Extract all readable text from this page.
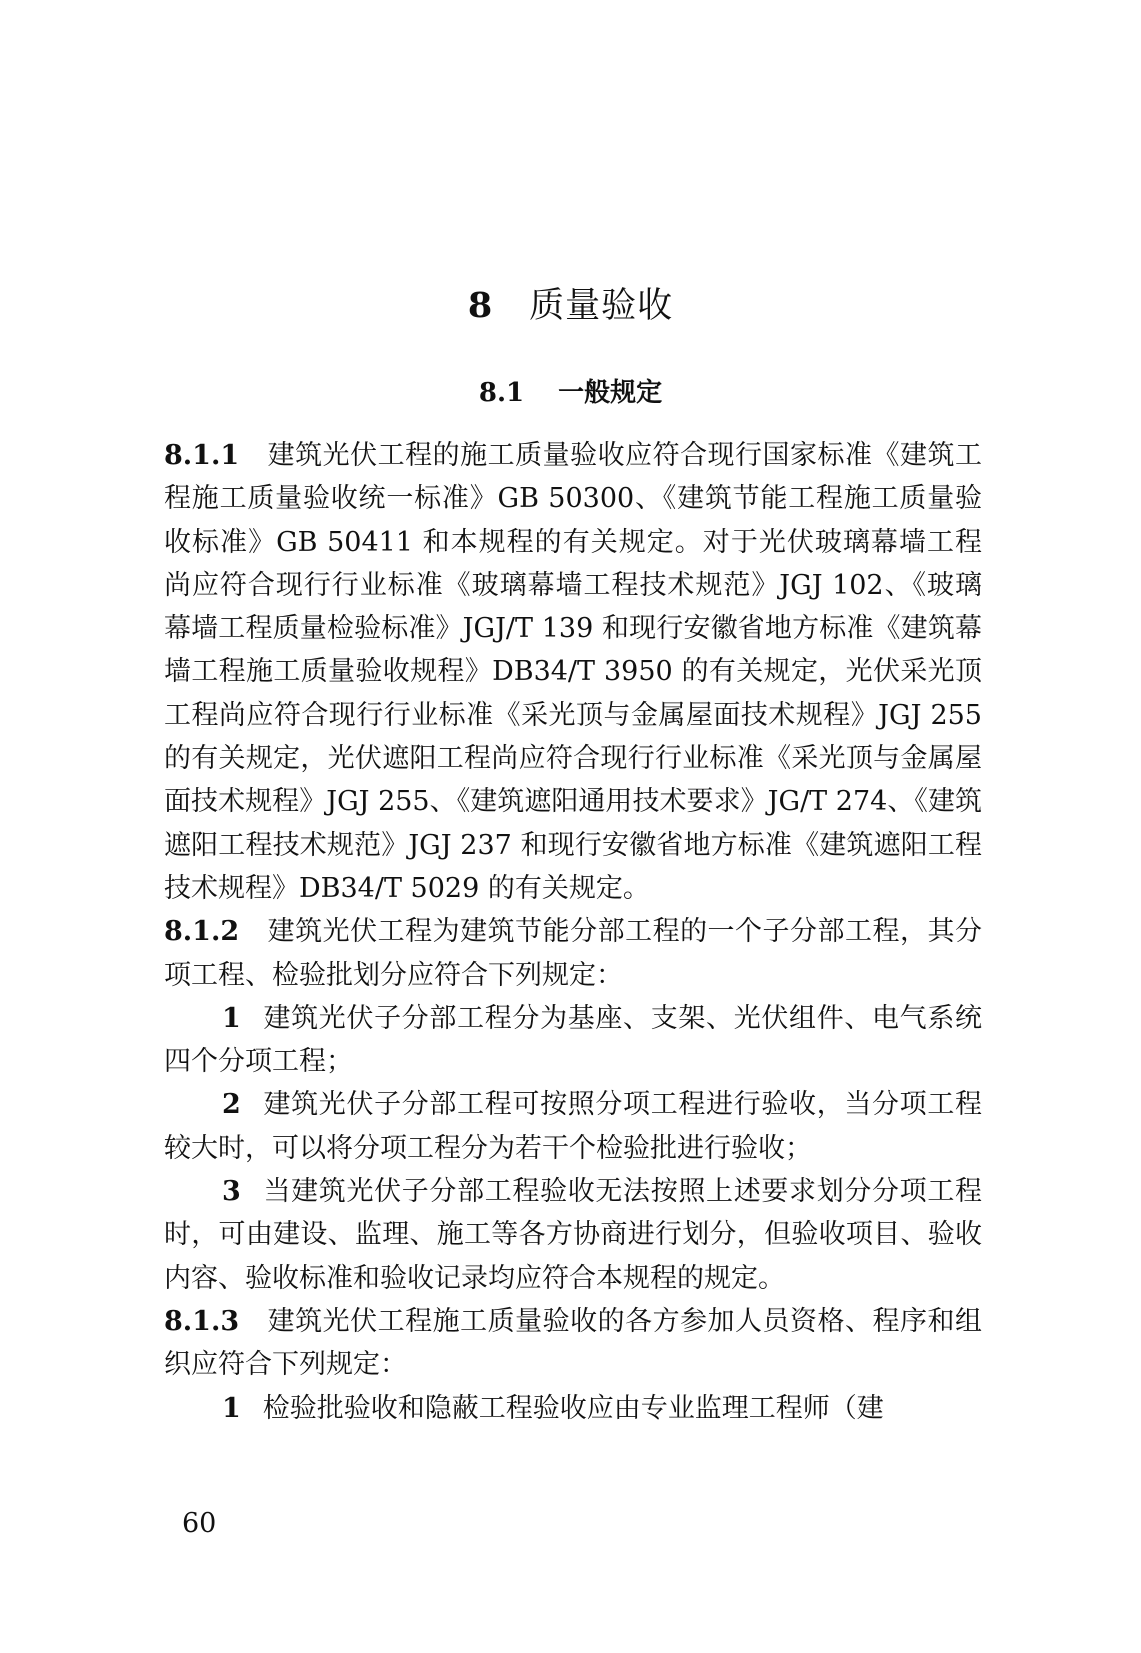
8 质量验收
8.1 一般规定

8.1.1 建筑光伏工程的施工质量验收应符合现行国家标准《建筑工程施工质量验收统一标准》GB 50300、《建筑节能工程施工质量验收标准》GB 50411 和本规程的有关规定。对于光伏玻璃幕墙工程尚应符合现行行业标准《玻璃幕墙工程技术规范》JGJ 102、《玻璃幕墙工程质量检验标准》JGJ/T 139 和现行安徽省地方标准《建筑幕墙工程施工质量验收规程》DB34/T 3950 的有关规定，光伏采光顶工程尚应符合现行行业标准《采光顶与金属屋面技术规程》JGJ 255 的有关规定，光伏遮阳工程尚应符合现行行业标准《采光顶与金属屋面技术规程》JGJ 255、《建筑遮阳通用技术要求》JG/T 274、《建筑遮阳工程技术规范》JGJ 237 和现行安徽省地方标准《建筑遮阳工程技术规程》DB34/T 5029 的有关规定。

8.1.2 建筑光伏工程为建筑节能分部工程的一个子分部工程，其分项工程、检验批划分应符合下列规定：

1 建筑光伏子分部工程分为基座、支架、光伏组件、电气系统四个分项工程；

2 建筑光伏子分部工程可按照分项工程进行验收，当分项工程较大时，可以将分项工程分为若干个检验批进行验收；

3 当建筑光伏子分部工程验收无法按照上述要求划分分项工程时，可由建设、监理、施工等各方协商进行划分，但验收项目、验收内容、验收标准和验收记录均应符合本规程的规定。

8.1.3 建筑光伏工程施工质量验收的各方参加人员资格、程序和组织应符合下列规定：

1 检验批验收和隐蔽工程验收应由专业监理工程师（建

60
